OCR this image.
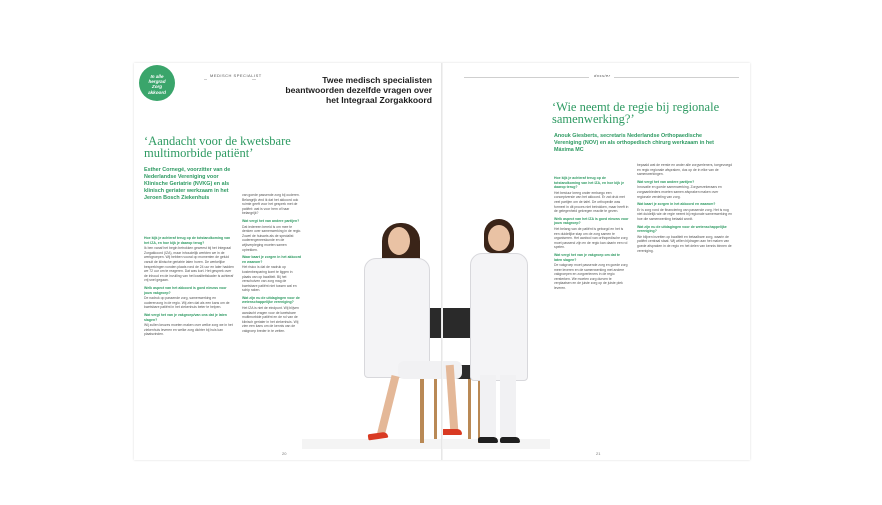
In alle
hergrad
Zorg
akkoord
MEDISCH SPECIALIST	dossier
Twee medisch specialisten beantwoorden dezelfde vragen over het Integraal Zorgakkoord
‘Aandacht voor de kwetsbare multimorbide patiënt’
Esther Cornegé, voorzitter van de Nederlandse Vereniging voor Klinische Geriatrie (NVKG) en als klinisch geriater werkzaam in het Jeroen Bosch Ziekenhuis
Hoe kijk je achteraf terug op de totstandkoming van het IZA, en hoe kijk je daarop terug?

Ik ben vanaf het begin betrokken geweest bij het Integraal Zorgakkoord (IZA), maar inhoudelijk werkten we in de werkgroepen. Wij hebben vooral op momenten de geluid vanuit de klinische geriatrie laten horen. De werkelijke besprekingen vonden plaats rond de 24 uur en later hadden we 72 uur om te reageren. Dat was kort. Het gesprek over de inhoud en de invulling van het kwaliteitskader is achteraf vrij snel gegaan.

Welk aspect van het akkoord is goed nieuws voor jouw vakgroep?

De nadruk op passende zorg, samenwerking en ouderenzorg in de regio. Wij zien dat als een kans om de kwetsbare patiënt in het ziekenhuis beter te helpen.

Wat vergt het van je vakgroep/van ons dat je laten slagen?

Wij zullen keuzes moeten maken over welke zorg we in het ziekenhuis leveren en welke zorg dichter bij huis kan plaatsvinden.

van goede passende zorg bij ouderen. Belangrijk vind ik dat het akkoord ook ruimte geeft voor het gesprek met de patiënt: wat is voor hem of haar belangrijk?

Wat vergt het van andere partijen?

Dat iedereen bereid is om mee te denken over samenwerking in de regio. Zowel de huisarts als de specialist ouderengeneeskunde en de wijkverpleging moeten samen optrekken.

Waar baart je zorgen in het akkoord en waarom?

Het risico is dat de nadruk op kostenbesparing komt te liggen in plaats van op kwaliteit. Bij het verschuiven van zorg mag de kwetsbare patiënt niet tussen wal en schip raken.

Wat zijn nu de uitdagingen voor de wetenschappelijke vereniging?

Het IZA is niet de eindpunt. Wij blijven aandacht vragen voor de kwetsbare multimorbide patiënt en de rol van de klinisch geriater in het ziekenhuis. Wij zien een kans om de kennis van de vakgroep breder in te zetten.

20
‘Wie neemt de regie bij regionale samenwerking?’
Anouk Giesberts, secretaris Nederlandse Orthopaedische Vereniging (NOV) en als orthopedisch chirurg werkzaam in het Máxima MC
Hoe kijk je achteraf terug op de totstandkoming van het IZA, en hoe kijk je daarop terug?

Het bestuur kreeg onder embargo een conceptversie van het akkoord. Er zat druk met veel partijen om de tafel. De orthopedie was formeel in dit proces niet betrokken, maar heeft in de gelegenheid gekregen reactie te geven.

Welk aspect van het IZA is goed nieuws voor jouw vakgroep?

Het belang van de patiënt is geborgd en het is een duidelijke stap om de zorg samen te organiseren. Het aanbod van orthopedische zorg moet passend zijn en de regio kan daarin een rol spelen.

Wat vergt het van je vakgroep om dat te laten slagen?

De vakgroep moet passende zorg en goede zorg meer leveren en de samenwerking met andere vakgroepen en zorgverleners in de regio versterken. We moeten zorg durven te verplaatsen en de juiste zorg op de juiste plek leveren.

bepaald wat de eerste en ander alle zorgverleners, toegevoegd en regio regionale afspraken, dus op de in elke van de samenwerkingen.

Wat vergt het van andere partijen?

Innovatie en goede samenwerking. Zorgverzekeraars en zorgaanbieders moeten samen afspraken maken over regionale verdeling van zorg.

Wat baart je zorgen in het akkoord en waarom?

Er is zorg rond de financiering van passende zorg. Het is nog niet duidelijk wie de regie neemt bij regionale samenwerking en hoe die samenwerking betaald wordt.

Wat zijn nu de uitdagingen voor de wetenschappelijke vereniging?

We blijven inzetten op kwaliteit en betaalbare zorg, waarin de patiënt centraal staat. Wij willen bijdragen aan het maken van goede afspraken in de regio en het delen van kennis binnen de vereniging.

21
